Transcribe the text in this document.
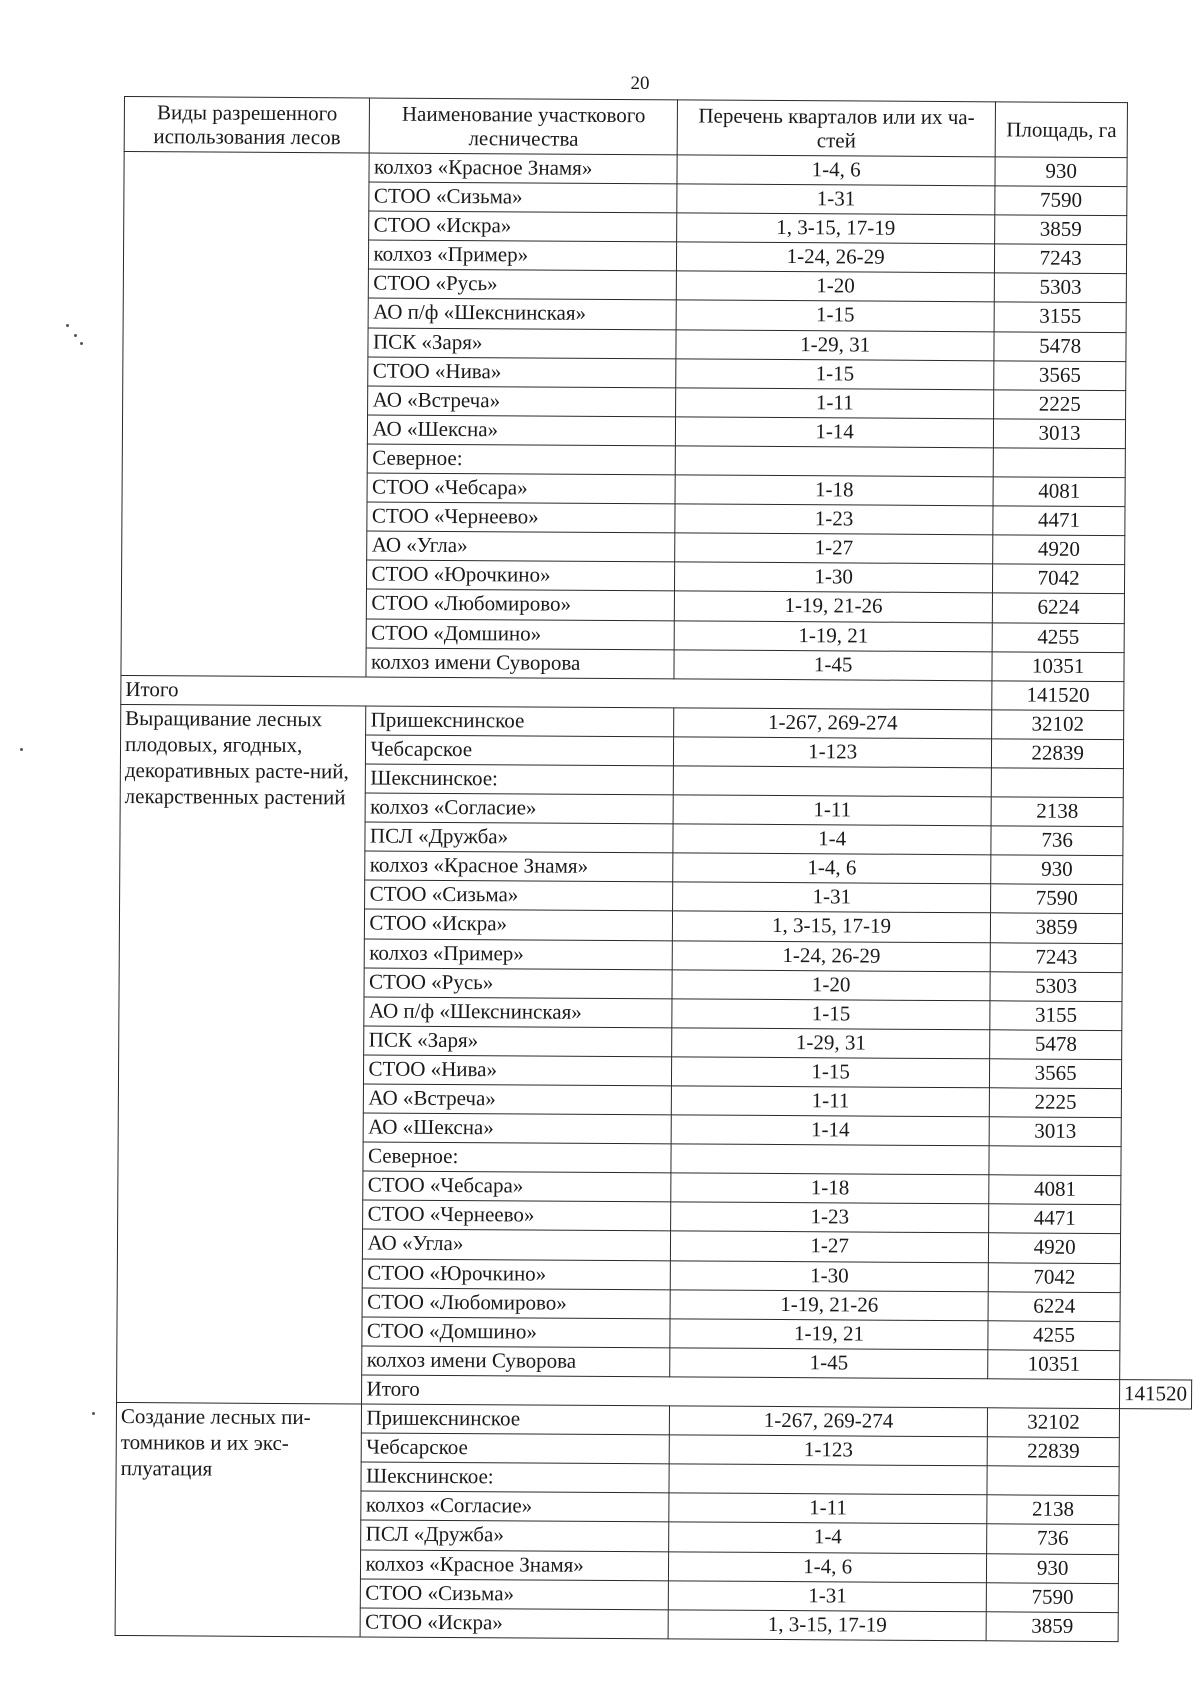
20
Виды разрешенного использования лесов	Наименование участкового лесничества	Перечень кварталов или их ча-стей	Площадь, га	
	колхоз «Красное Знамя»	1-4, 6	930	
	СТОО «Сизьма»	1-31	7590	
	СТОО «Искра»	1, 3-15, 17-19	3859	
	колхоз «Пример»	1-24, 26-29	7243	
	СТОО «Русь»	1-20	5303	
	АО п/ф «Шекснинская»	1-15	3155	
	ПСК «Заря»	1-29, 31	5478	
	СТОО «Нива»	1-15	3565	
	АО «Встреча»	1-11	2225	
	АО «Шексна»	1-14	3013	
	Северное:			
	СТОО «Чебсара»	1-18	4081	
	СТОО «Чернеево»	1-23	4471	
	АО «Угла»	1-27	4920	
	СТОО «Юрочкино»	1-30	7042	
	СТОО «Любомирово»	1-19, 21-26	6224	
	СТОО «Домшино»	1-19, 21	4255	
	колхоз имени Суворова	1-45	10351	
Итого			141520	
Выращивание лесных плодовых, ягодных, декоративных расте-ний, лекарственных растений	Пришекснинское	1-267, 269-274	32102	
	Чебсарское	1-123	22839	
	Шекснинское:			
	колхоз «Согласие»	1-11	2138	
	ПСЛ «Дружба»	1-4	736	
	колхоз «Красное Знамя»	1-4, 6	930	
	СТОО «Сизьма»	1-31	7590	
	СТОО «Искра»	1, 3-15, 17-19	3859	
	колхоз «Пример»	1-24, 26-29	7243	
	СТОО «Русь»	1-20	5303	
	АО п/ф «Шекснинская»	1-15	3155	
	ПСК «Заря»	1-29, 31	5478	
	СТОО «Нива»	1-15	3565	
	АО «Встреча»	1-11	2225	
	АО «Шексна»	1-14	3013	
	Северное:			
	СТОО «Чебсара»	1-18	4081	
	СТОО «Чернеево»	1-23	4471	
	АО «Угла»	1-27	4920	
	СТОО «Юрочкино»	1-30	7042	
	СТОО «Любомирово»	1-19, 21-26	6224	
	СТОО «Домшино»	1-19, 21	4255	
	колхоз имени Суворова	1-45	10351	
	Итого			141520
Создание лесных пи-томников и их экс-плуатация	Пришекснинское	1-267, 269-274	32102	
	Чебсарское	1-123	22839	
	Шекснинское:			
	колхоз «Согласие»	1-11	2138	
	ПСЛ «Дружба»	1-4	736	
	колхоз «Красное Знамя»	1-4, 6	930	
	СТОО «Сизьма»	1-31	7590	
	СТОО «Искра»	1, 3-15, 17-19	3859	
